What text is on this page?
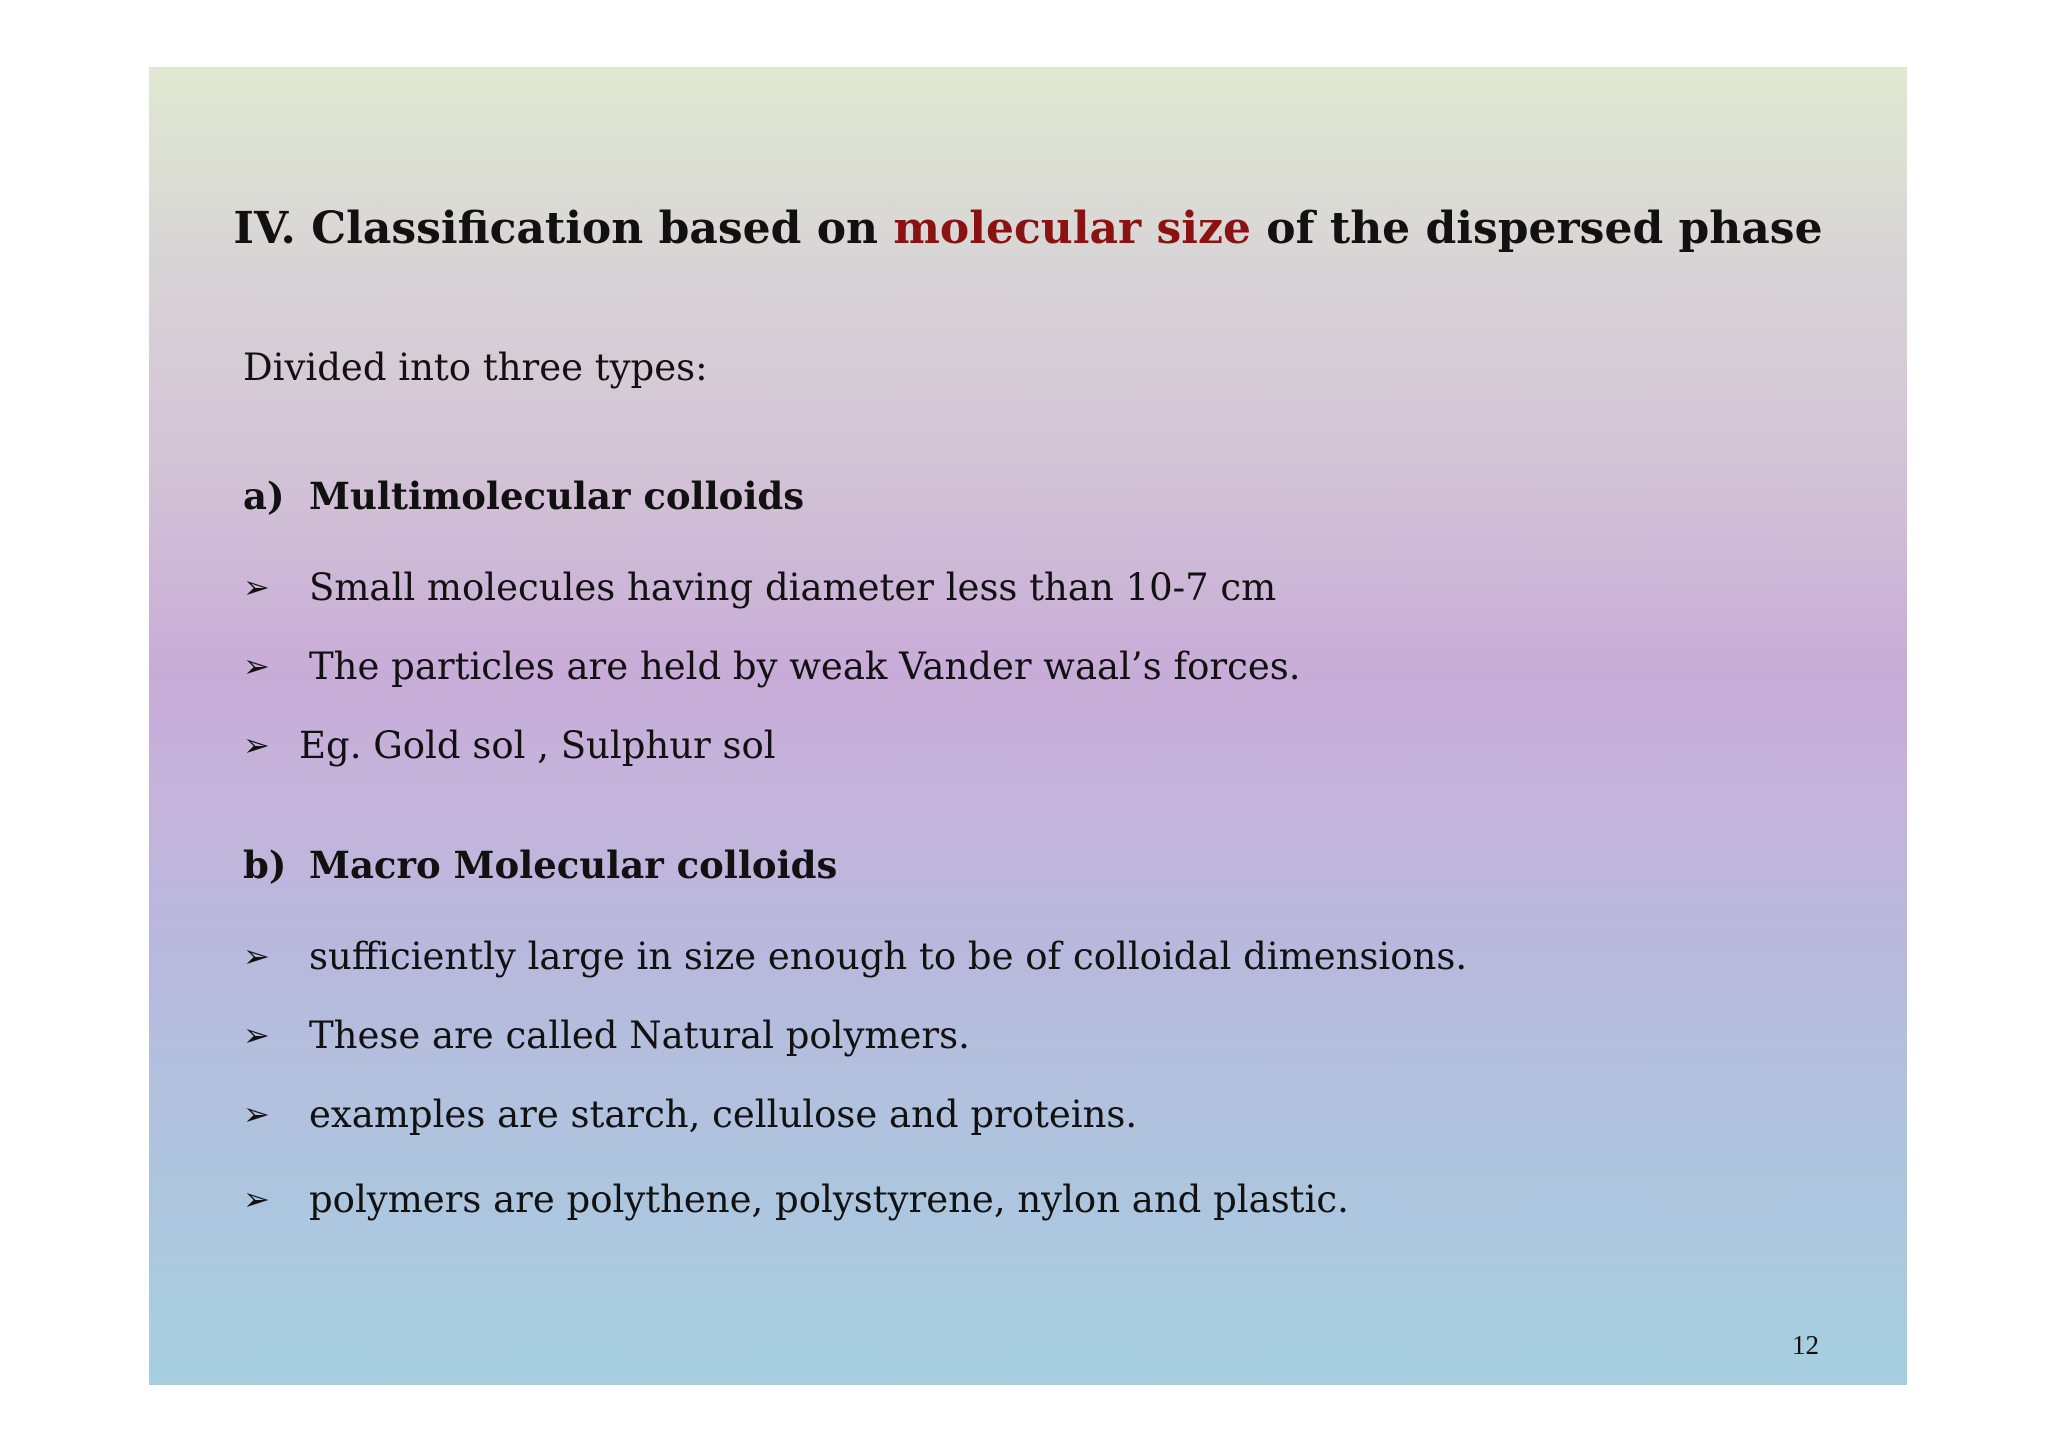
IV. Classification based on molecular size of the dispersed phase
Divided into three types:
a) Multimolecular colloids
➢ Small molecules having diameter less than 10-7 cm
➢ The particles are held by weak Vander waal’s forces.
➢ Eg. Gold sol , Sulphur sol
b) Macro Molecular colloids
➢ sufficiently large in size enough to be of colloidal dimensions.
➢ These are called Natural polymers.
➢ examples are starch, cellulose and proteins.
➢ polymers are polythene, polystyrene, nylon and plastic.
12
